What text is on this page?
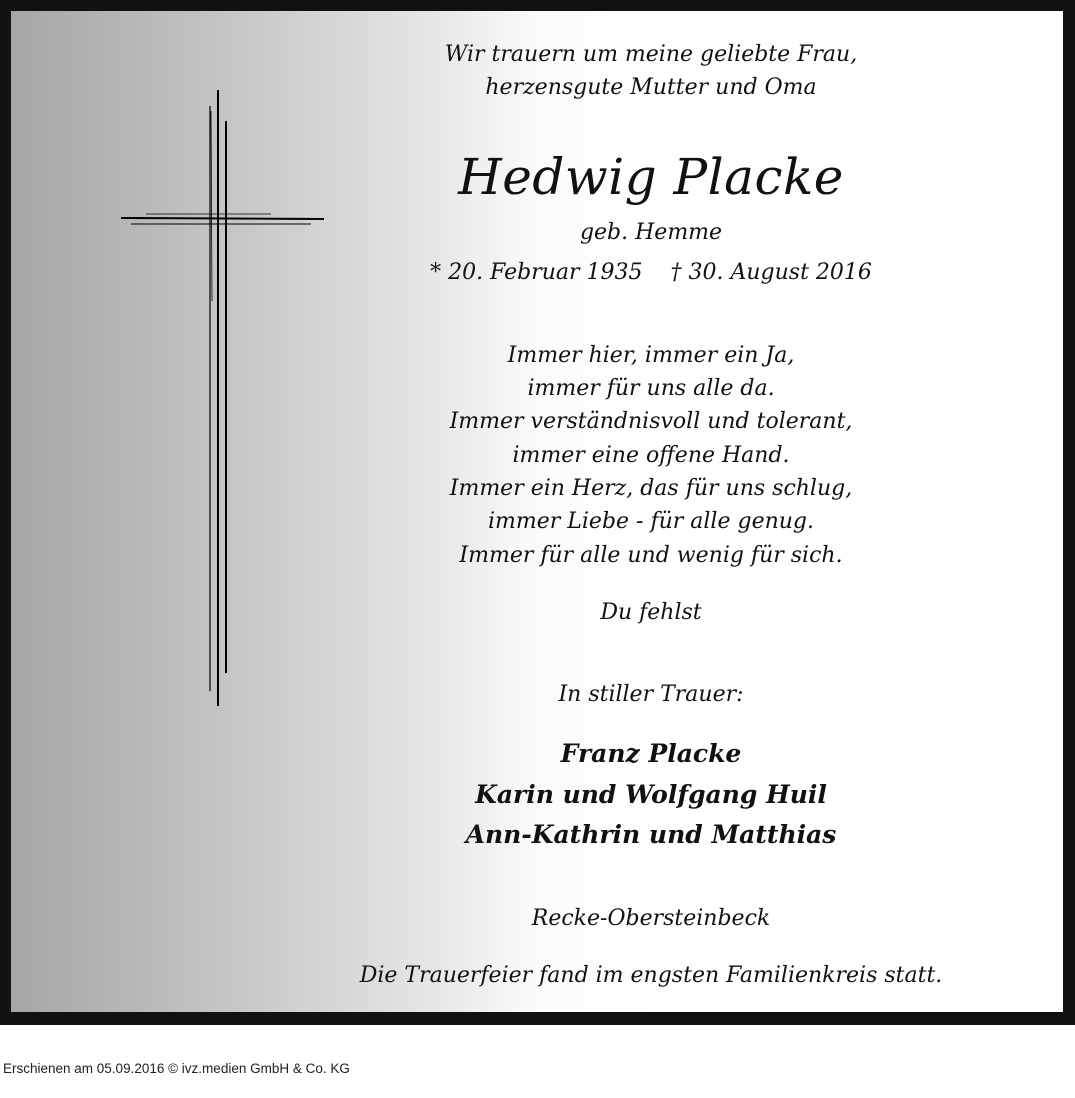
Wir trauern um meine geliebte Frau,
herzensgute Mutter und Oma
Hedwig Placke
geb. Hemme
* 20. Februar 1935 † 30. August 2016
Immer hier, immer ein Ja,
immer für uns alle da.
Immer verständnisvoll und tolerant,
immer eine offene Hand.
Immer ein Herz, das für uns schlug,
immer Liebe - für alle genug.
Immer für alle und wenig für sich.
Du fehlst
In stiller Trauer:
Franz Placke
Karin und Wolfgang Huil
Ann-Kathrin und Matthias
Recke-Obersteinbeck
Die Trauerfeier fand im engsten Familienkreis statt.
Erschienen am 05.09.2016 © ivz.medien GmbH & Co. KG
